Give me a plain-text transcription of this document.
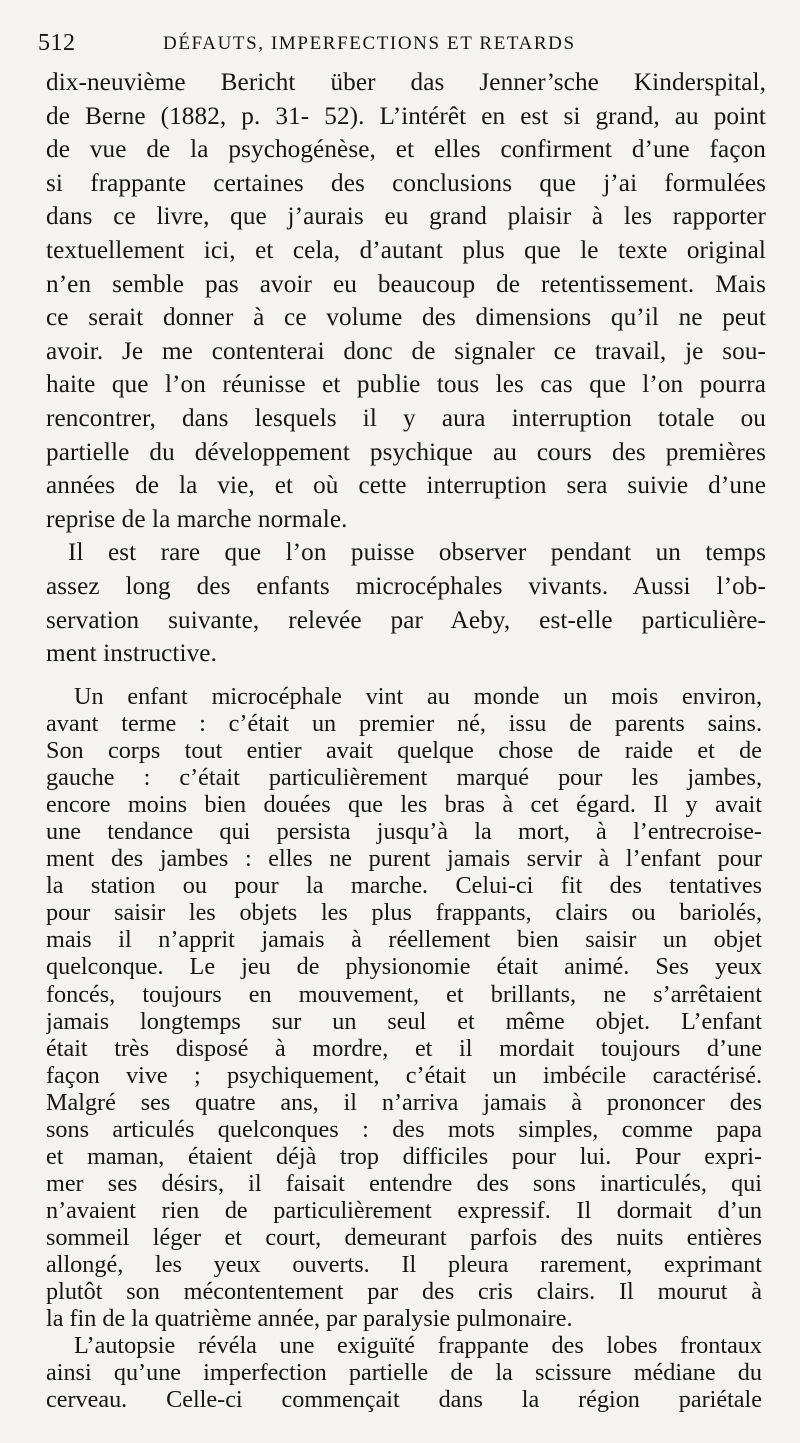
512	DÉFAUTS, IMPERFECTIONS ET RETARDS

dix-neuvième Bericht über das Jenner’sche Kinderspital,

de Berne (1882, p. 31- 52). L’intérêt en est si grand, au point

de vue de la psychogénèse, et elles confirment d’une façon

si frappante certaines des conclusions que j’ai formulées

dans ce livre, que j’aurais eu grand plaisir à les rapporter

textuellement ici, et cela, d’autant plus que le texte original

n’en semble pas avoir eu beaucoup de retentissement. Mais

ce serait donner à ce volume des dimensions qu’il ne peut

avoir. Je me contenterai donc de signaler ce travail, je sou-

haite que l’on réunisse et publie tous les cas que l’on pourra

rencontrer, dans lesquels il y aura interruption totale ou

partielle du développement psychique au cours des premières

années de la vie, et où cette interruption sera suivie d’une

reprise de la marche normale.

Il est rare que l’on puisse observer pendant un temps

assez long des enfants microcéphales vivants. Aussi l’ob-

servation suivante, relevée par Aeby, est-elle particulière-

ment instructive.

Un enfant microcéphale vint au monde un mois environ,

avant terme : c’était un premier né, issu de parents sains.

Son corps tout entier avait quelque chose de raide et de

gauche : c’était particulièrement marqué pour les jambes,

encore moins bien douées que les bras à cet égard. Il y avait

une tendance qui persista jusqu’à la mort, à l’entrecroise-

ment des jambes : elles ne purent jamais servir à l’enfant pour

la station ou pour la marche. Celui-ci fit des tentatives

pour saisir les objets les plus frappants, clairs ou bariolés,

mais il n’apprit jamais à réellement bien saisir un objet

quelconque. Le jeu de physionomie était animé. Ses yeux

foncés, toujours en mouvement, et brillants, ne s’arrêtaient

jamais longtemps sur un seul et même objet. L’enfant

était très disposé à mordre, et il mordait toujours d’une

façon vive ; psychiquement, c’était un imbécile caractérisé.

Malgré ses quatre ans, il n’arriva jamais à prononcer des

sons articulés quelconques : des mots simples, comme papa

et maman, étaient déjà trop difficiles pour lui. Pour expri-

mer ses désirs, il faisait entendre des sons inarticulés, qui

n’avaient rien de particulièrement expressif. Il dormait d’un

sommeil léger et court, demeurant parfois des nuits entières

allongé, les yeux ouverts. Il pleura rarement, exprimant

plutôt son mécontentement par des cris clairs. Il mourut à

la fin de la quatrième année, par paralysie pulmonaire.

L’autopsie révéla une exiguïté frappante des lobes frontaux

ainsi qu’une imperfection partielle de la scissure médiane du

cerveau. Celle-ci commençait dans la région pariétale
